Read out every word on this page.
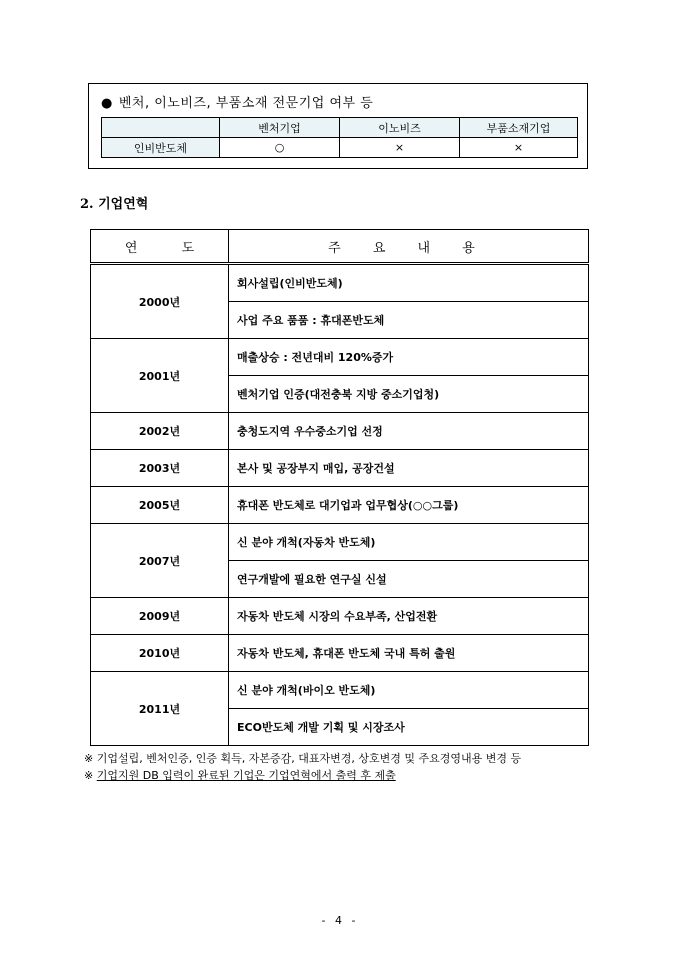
● 벤처, 이노비즈, 부품소재 전문기업 여부 등
	벤처기업	이노비즈	부품소재기업
인비반도체	○	×	×
2. 기업연혁
연 도	주 요 내 용
2000년	회사설립(인비반도체)
	사업 주요 품품 : 휴대폰반도체
2001년	매출상승 : 전년대비 120%증가
	벤처기업 인증(대전충북 지방 중소기업청)
2002년	충청도지역 우수중소기업 선정
2003년	본사 및 공장부지 매입, 공장건설
2005년	휴대폰 반도체로 대기업과 업무협상(○○그룹)
2007년	신 분야 개척(자동차 반도체)
	연구개발에 필요한 연구실 신설
2009년	자동차 반도체 시장의 수요부족, 산업전환
2010년	자동차 반도체, 휴대폰 반도체 국내 특허 출원
2011년	신 분야 개척(바이오 반도체)
	ECO반도체 개발 기획 및 시장조사
※ 기업설립, 벤처인증, 인증 획득, 자본증감, 대표자변경, 상호변경 및 주요경영내용 변경 등
※ 기업지원 DB 입력이 완료된 기업은 기업연혁에서 출력 후 제출
- 4 -
